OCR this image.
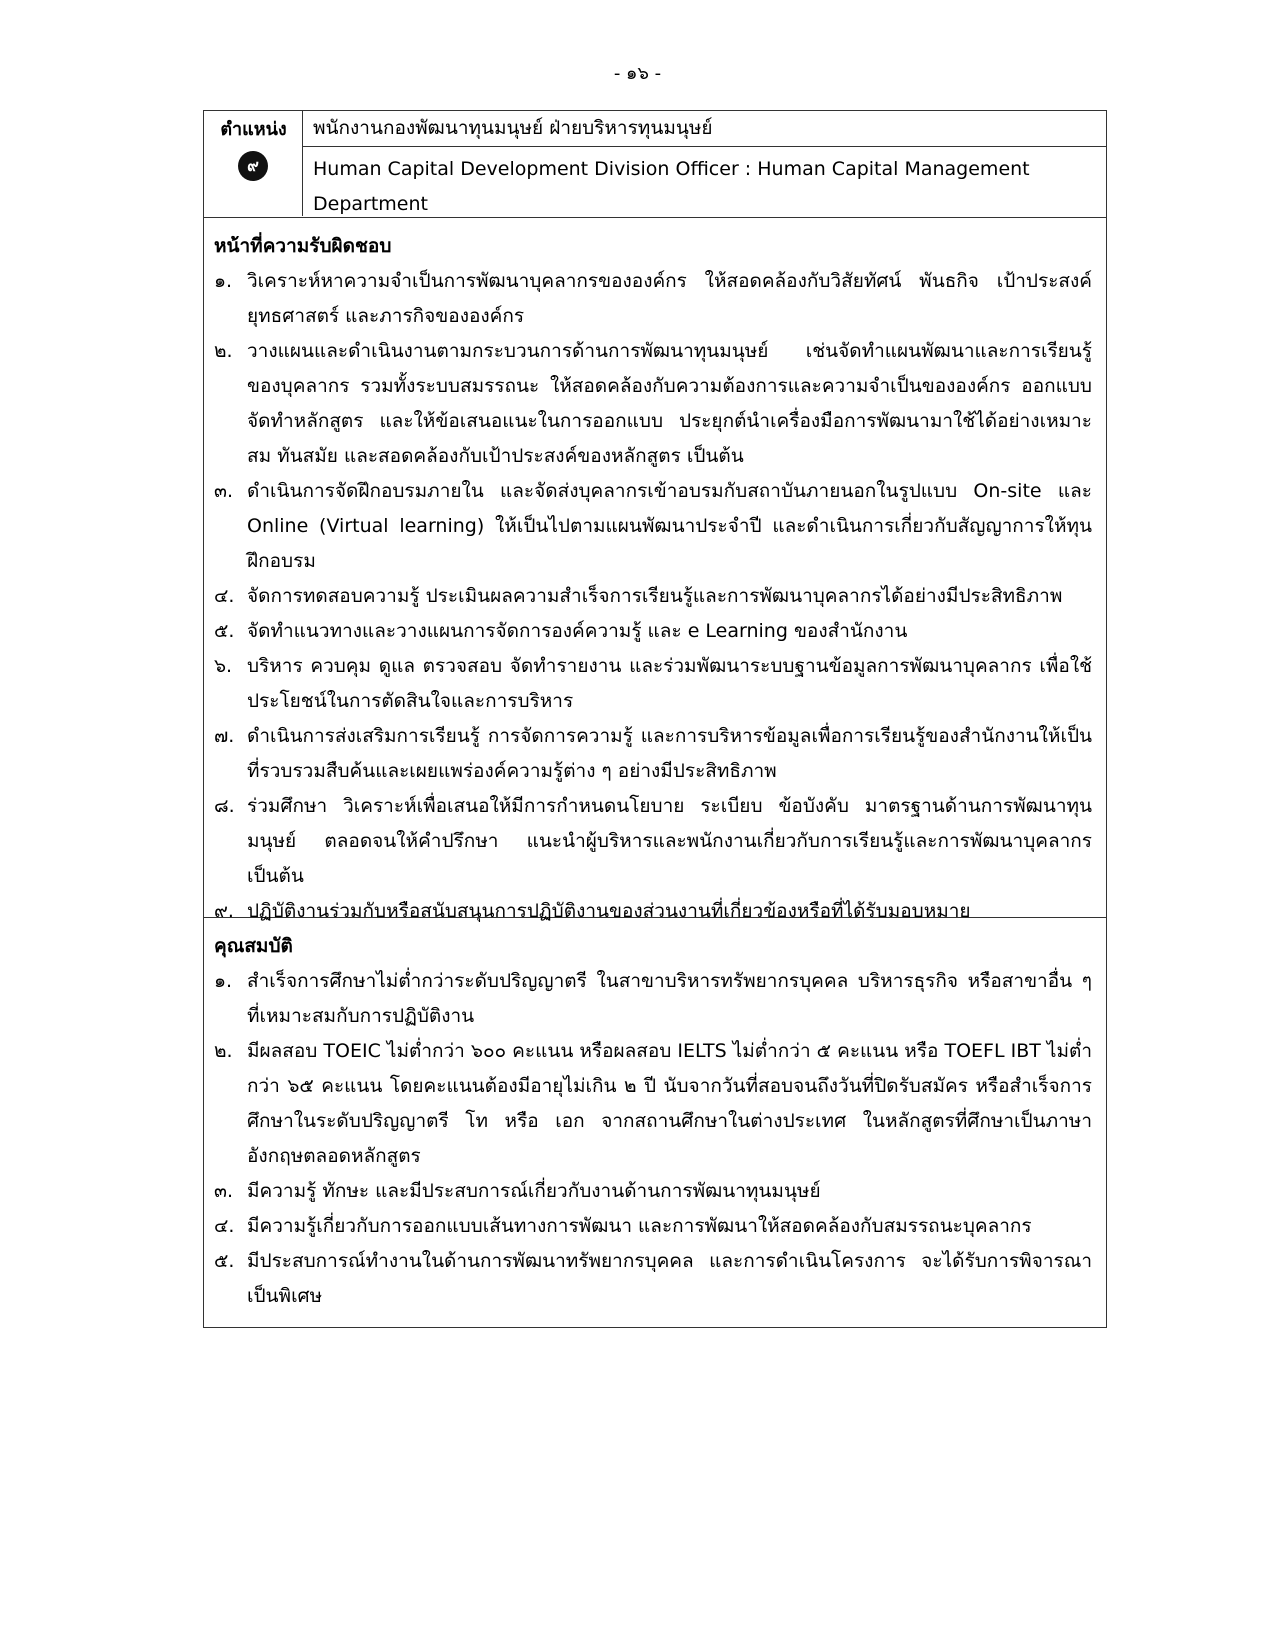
- ๑๖ -
ตำแหน่ง
๙
พนักงานกองพัฒนาทุนมนุษย์ ฝ่ายบริหารทุนมนุษย์
Human Capital Development Division Officer : Human Capital Management Department
หน้าที่ความรับผิดชอบ
๑. วิเคราะห์หาความจำเป็นการพัฒนาบุคลากรขององค์กร ให้สอดคล้องกับวิสัยทัศน์ พันธกิจ เป้าประสงค์ ยุทธศาสตร์ และภารกิจขององค์กร
๒. วางแผนและดำเนินงานตามกระบวนการด้านการพัฒนาทุนมนุษย์ เช่นจัดทำแผนพัฒนาและการเรียนรู้ของบุคลากร รวมทั้งระบบสมรรถนะ ให้สอดคล้องกับความต้องการและความจำเป็นขององค์กร ออกแบบ จัดทำหลักสูตร และให้ข้อเสนอแนะในการออกแบบ ประยุกต์นำเครื่องมือการพัฒนามาใช้ได้อย่างเหมาะสม ทันสมัย และสอดคล้องกับเป้าประสงค์ของหลักสูตร เป็นต้น
๓. ดำเนินการจัดฝึกอบรมภายใน และจัดส่งบุคลากรเข้าอบรมกับสถาบันภายนอกในรูปแบบ On-site และ Online (Virtual learning) ให้เป็นไปตามแผนพัฒนาประจำปี และดำเนินการเกี่ยวกับสัญญาการให้ทุนฝึกอบรม
๔. จัดการทดสอบความรู้ ประเมินผลความสำเร็จการเรียนรู้และการพัฒนาบุคลากรได้อย่างมีประสิทธิภาพ
๕. จัดทำแนวทางและวางแผนการจัดการองค์ความรู้ และ e Learning ของสำนักงาน
๖. บริหาร ควบคุม ดูแล ตรวจสอบ จัดทำรายงาน และร่วมพัฒนาระบบฐานข้อมูลการพัฒนาบุคลากร เพื่อใช้ประโยชน์ในการตัดสินใจและการบริหาร
๗. ดำเนินการส่งเสริมการเรียนรู้ การจัดการความรู้ และการบริหารข้อมูลเพื่อการเรียนรู้ของสำนักงานให้เป็นที่รวบรวมสืบค้นและเผยแพร่องค์ความรู้ต่าง ๆ อย่างมีประสิทธิภาพ
๘. ร่วมศึกษา วิเคราะห์เพื่อเสนอให้มีการกำหนดนโยบาย ระเบียบ ข้อบังคับ มาตรฐานด้านการพัฒนาทุนมนุษย์ ตลอดจนให้คำปรึกษา แนะนำผู้บริหารและพนักงานเกี่ยวกับการเรียนรู้และการพัฒนาบุคลากร เป็นต้น
๙. ปฏิบัติงานร่วมกับหรือสนับสนุนการปฏิบัติงานของส่วนงานที่เกี่ยวข้องหรือที่ได้รับมอบหมาย
คุณสมบัติ
๑. สำเร็จการศึกษาไม่ต่ำกว่าระดับปริญญาตรี ในสาขาบริหารทรัพยากรบุคคล บริหารธุรกิจ หรือสาขาอื่น ๆ ที่เหมาะสมกับการปฏิบัติงาน
๒. มีผลสอบ TOEIC ไม่ต่ำกว่า ๖๐๐ คะแนน หรือผลสอบ IELTS ไม่ต่ำกว่า ๕ คะแนน หรือ TOEFL IBT ไม่ต่ำกว่า ๖๕ คะแนน โดยคะแนนต้องมีอายุไม่เกิน ๒ ปี นับจากวันที่สอบจนถึงวันที่ปิดรับสมัคร หรือสำเร็จการศึกษาในระดับปริญญาตรี โท หรือ เอก จากสถานศึกษาในต่างประเทศ ในหลักสูตรที่ศึกษาเป็นภาษาอังกฤษตลอดหลักสูตร
๓. มีความรู้ ทักษะ และมีประสบการณ์เกี่ยวกับงานด้านการพัฒนาทุนมนุษย์
๔. มีความรู้เกี่ยวกับการออกแบบเส้นทางการพัฒนา และการพัฒนาให้สอดคล้องกับสมรรถนะบุคลากร
๕. มีประสบการณ์ทำงานในด้านการพัฒนาทรัพยากรบุคคล และการดำเนินโครงการ จะได้รับการพิจารณาเป็นพิเศษ
